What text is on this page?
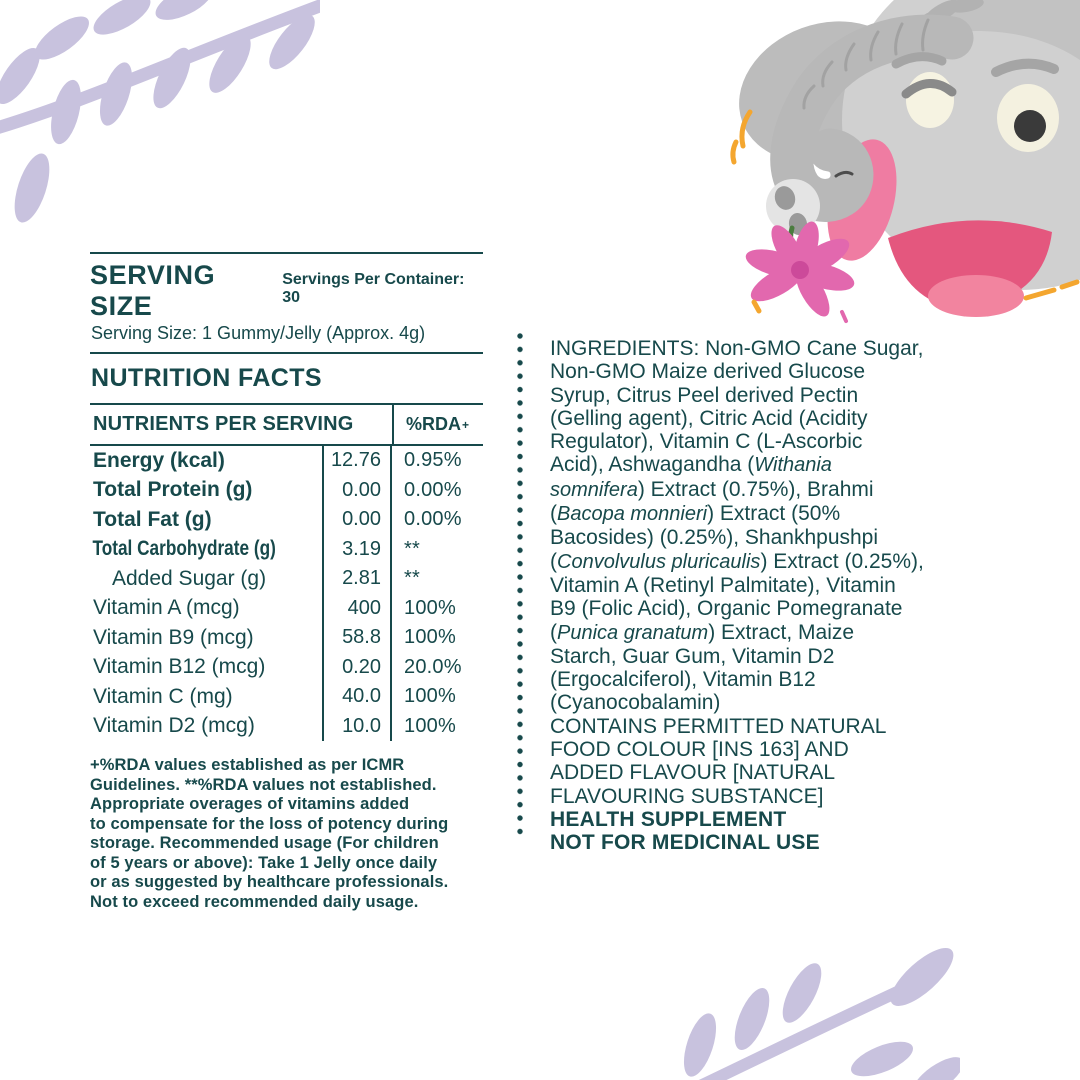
SERVING SIZE
Servings Per Container: 30
Serving Size: 1 Gummy/Jelly (Approx. 4g)
NUTRITION FACTS
NUTRIENTS PER SERVING	%RDA +
Energy (kcal)	12.76	0.95%
Total Protein (g)	0.00	0.00%
Total Fat (g)	0.00	0.00%
Total Carbohydrate (g)	3.19	**
Added Sugar (g)	2.81	**
Vitamin A (mcg)	400	100%
Vitamin B9 (mcg)	58.8	100%
Vitamin B12 (mcg)	0.20	20.0%
Vitamin C (mg)	40.0	100%
Vitamin D2 (mcg)	10.0	100%
+%RDA values established as per ICMR
Guidelines. **%RDA values not established.
Appropriate overages of vitamins added
to compensate for the loss of potency during
storage. Recommended usage (For children
of 5 years or above): Take 1 Jelly once daily
or as suggested by healthcare professionals.
Not to exceed recommended daily usage.
INGREDIENTS: Non-GMO Cane Sugar,
Non-GMO Maize derived Glucose
Syrup, Citrus Peel derived Pectin
(Gelling agent), Citric Acid (Acidity
Regulator), Vitamin C (L-Ascorbic
Acid), Ashwagandha (Withania
somnifera) Extract (0.75%), Brahmi
(Bacopa monnieri) Extract (50%
Bacosides) (0.25%), Shankhpushpi
(Convolvulus pluricaulis) Extract (0.25%),
Vitamin A (Retinyl Palmitate), Vitamin
B9 (Folic Acid), Organic Pomegranate
(Punica granatum) Extract, Maize
Starch, Guar Gum, Vitamin D2
(Ergocalciferol), Vitamin B12
(Cyanocobalamin)
CONTAINS PERMITTED NATURAL
FOOD COLOUR [INS 163] AND
ADDED FLAVOUR [NATURAL
FLAVOURING SUBSTANCE]
HEALTH SUPPLEMENT
NOT FOR MEDICINAL USE
